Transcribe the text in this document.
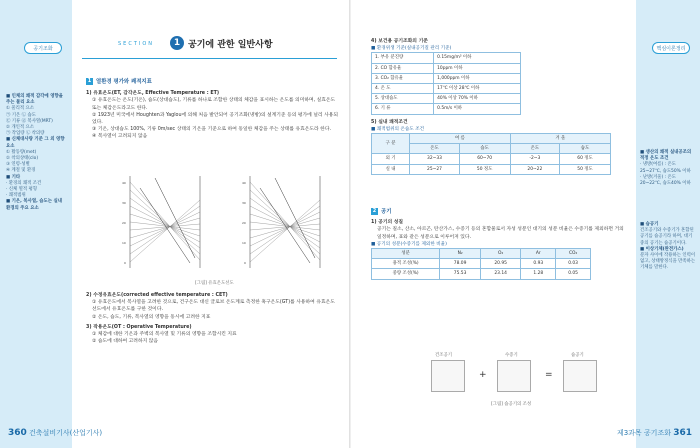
공기조화
■ 인체의 쾌적 감각에 영향을 주는 물리 요소
① 물리적 요소
㉠ 기온 ㉡ 습도
㉢ 기류 ㉣ 복사열(MRT)
② 개인적 요소
㉠ 작업량 ㉡ 착의량
■ 신체대사량 기준 그 외 영향 요소
① 활동량(met)
② 착의상태(clo)
③ 연령·성별
④ 계절 및 환경
■ 기타
· 환경의 쾌적 조건
· 신체 열적 평형
· 쾌적범위
■ 기온, 복사열, 습도는 실내 환경의 주요 요소
SECTION	1 공기에 관한 일반사항
1 열환경 평가와 쾌적지표
1) 유효온도(ET, 감각온도, Effective Temperature : ET)
① 유효온도는 온도(기온), 습도(상대습도), 기류를 하나로 조합한 상태의 체감을 표시하는 온도를 의미하며, 실효온도 또는 체감온도라고도 한다.
② 1923년 미국에서 Houghten과 Yaglou에 의해 처음 발안되어 공기조화(냉방)의 설계기준 등의 평가에 널리 사용되었다.
③ 기온, 상대습도 100%, 기류 0m/sec 상태의 기온을 기준으로 하여 동일한 체감을 주는 상태를 유효온도라 한다.
④ 복사열이 고려되지 않음
40
30
20
10
0
40
30
20
10
0
[그림] 유효온도선도
2) 수정유효온도(corrected effective temperature : CET)
① 유효온도에서 복사열을 고려한 것으로, 건구온도 대신 글로브 온도계로 측정한 흑구온도(GT)를 사용하여 유효온도선도에서 유효온도를 구한 것이다.
② 온도, 습도, 기류, 복사열의 영향을 동시에 고려한 지표
3) 작용온도(OT : Operative Temperature)
① 체감에 대한 기온과 주벽의 복사열 및 기류의 영향을 조합시킨 지표
② 습도에 대하여 고려하지 않음
360 건축설비기사(산업기사)
핵심이론정리
■ 생산의 쾌적 실내공조의 적정 온도 조건
· 냉방(여름) : 온도25~27℃, 습도50% 이하
· 난방(겨울) : 온도20~22℃, 습도40% 이하
■ 습공기
건조공기와 수증기가 혼합된 공기를 습공기라 하며, 대기 중의 공기는 습공기이다.
■ 이상기체(완전가스)
분자 사이에 작용하는 인력이 없고, 상태방정식을 만족하는 기체를 말한다.
4) 보건용 공기조화의 기준
■ 환경위생 기준(실내공기질 관리 기준)
1. 부유 분진량	0.15mg/m³ 이하
2. CO 함유율	10ppm 이하
3. CO₂ 함유율	1,000ppm 이하
4. 온 도	17℃ 이상 28℃ 이하
5. 상대습도	40% 이상 70% 이하
6. 기 류	0.5m/s 이하
5) 실내 쾌적조건
■ 쾌적범위의 온습도 조건
구 분	여 름		겨 울	
	온도	습도	온도	습도
외 기	32~33	60~70	-2~3	60 정도
실 내	25~27	50 정도	20~22	50 정도
2 공기
1) 공기의 성질
공기는 질소, 산소, 아르곤, 탄산가스, 수증기 등의 혼합물로서 자성 성분인 대기의 성분 비율은 수증기를 제외하면 거의 일정하며, 표와 같은 성분으로 이루어져 있다.
■ 공기의 성분(수증기를 제외한 비율)
성분	N₂	O₂	Ar	CO₂
용적 조성(%)	78.09	20.95	0.93	0.03
중량 조성(%)	75.53	23.14	1.28	0.05
+	=
건조공기	수증기	습공기
[그림] 습공기의 조성
제3과목 공기조화 361
